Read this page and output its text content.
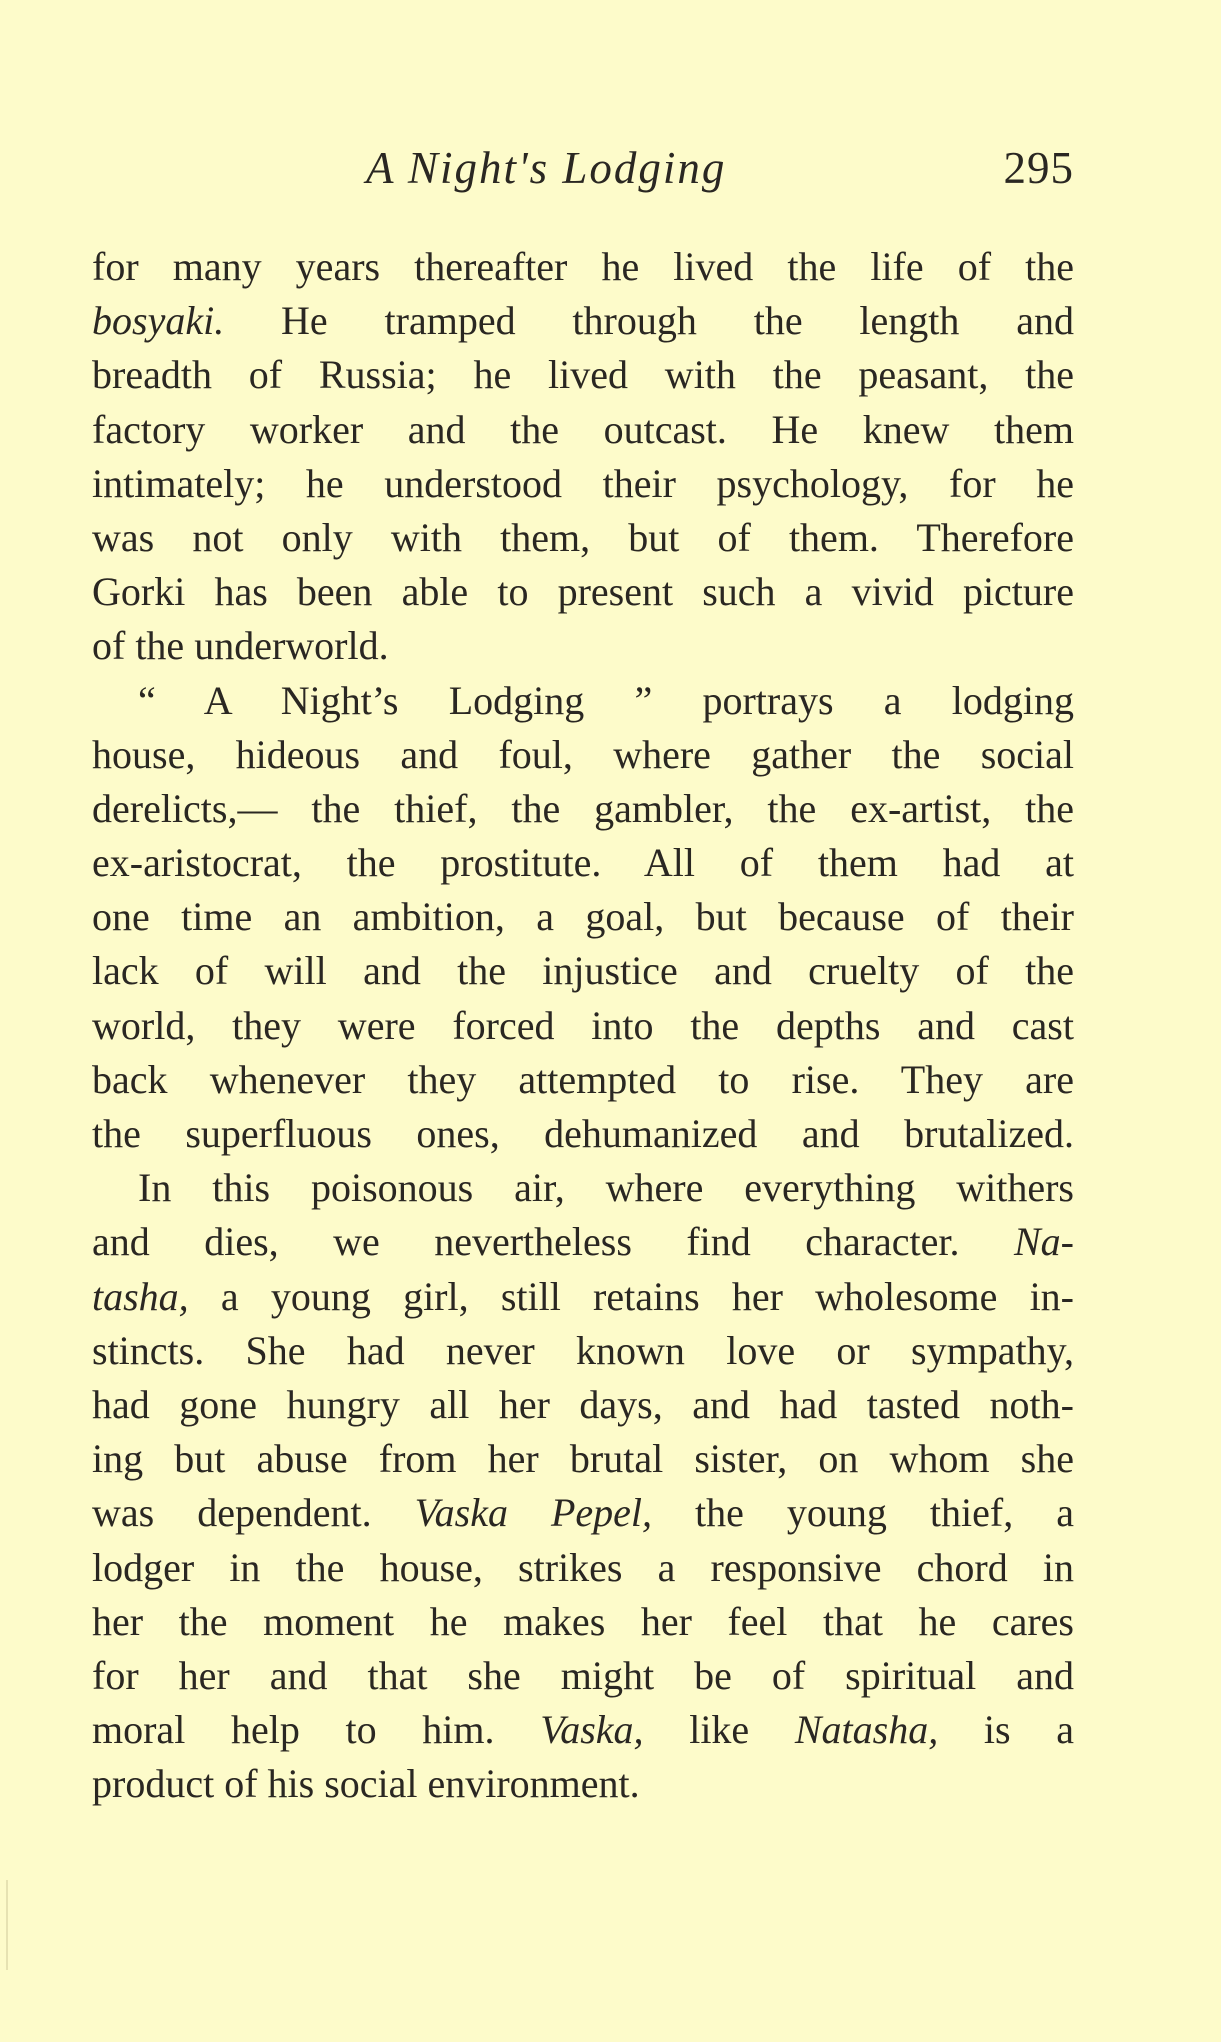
A Night's Lodging	295
for many years thereafter he lived the life of the
bosyaki. He tramped through the length and
breadth of Russia; he lived with the peasant, the
factory worker and the outcast. He knew them
intimately; he understood their psychology, for he
was not only with them, but of them. Therefore
Gorki has been able to present such a vivid picture
of the underworld.
“ A Night’s Lodging ” portrays a lodging
house, hideous and foul, where gather the social
derelicts,— the thief, the gambler, the ex-artist, the
ex-aristocrat, the prostitute. All of them had at
one time an ambition, a goal, but because of their
lack of will and the injustice and cruelty of the
world, they were forced into the depths and cast
back whenever they attempted to rise. They are
the superfluous ones, dehumanized and brutalized.
In this poisonous air, where everything withers
and dies, we nevertheless find character. Na-
tasha, a young girl, still retains her wholesome in-
stincts. She had never known love or sympathy,
had gone hungry all her days, and had tasted noth-
ing but abuse from her brutal sister, on whom she
was dependent. Vaska Pepel, the young thief, a
lodger in the house, strikes a responsive chord in
her the moment he makes her feel that he cares
for her and that she might be of spiritual and
moral help to him. Vaska, like Natasha, is a
product of his social environment.
